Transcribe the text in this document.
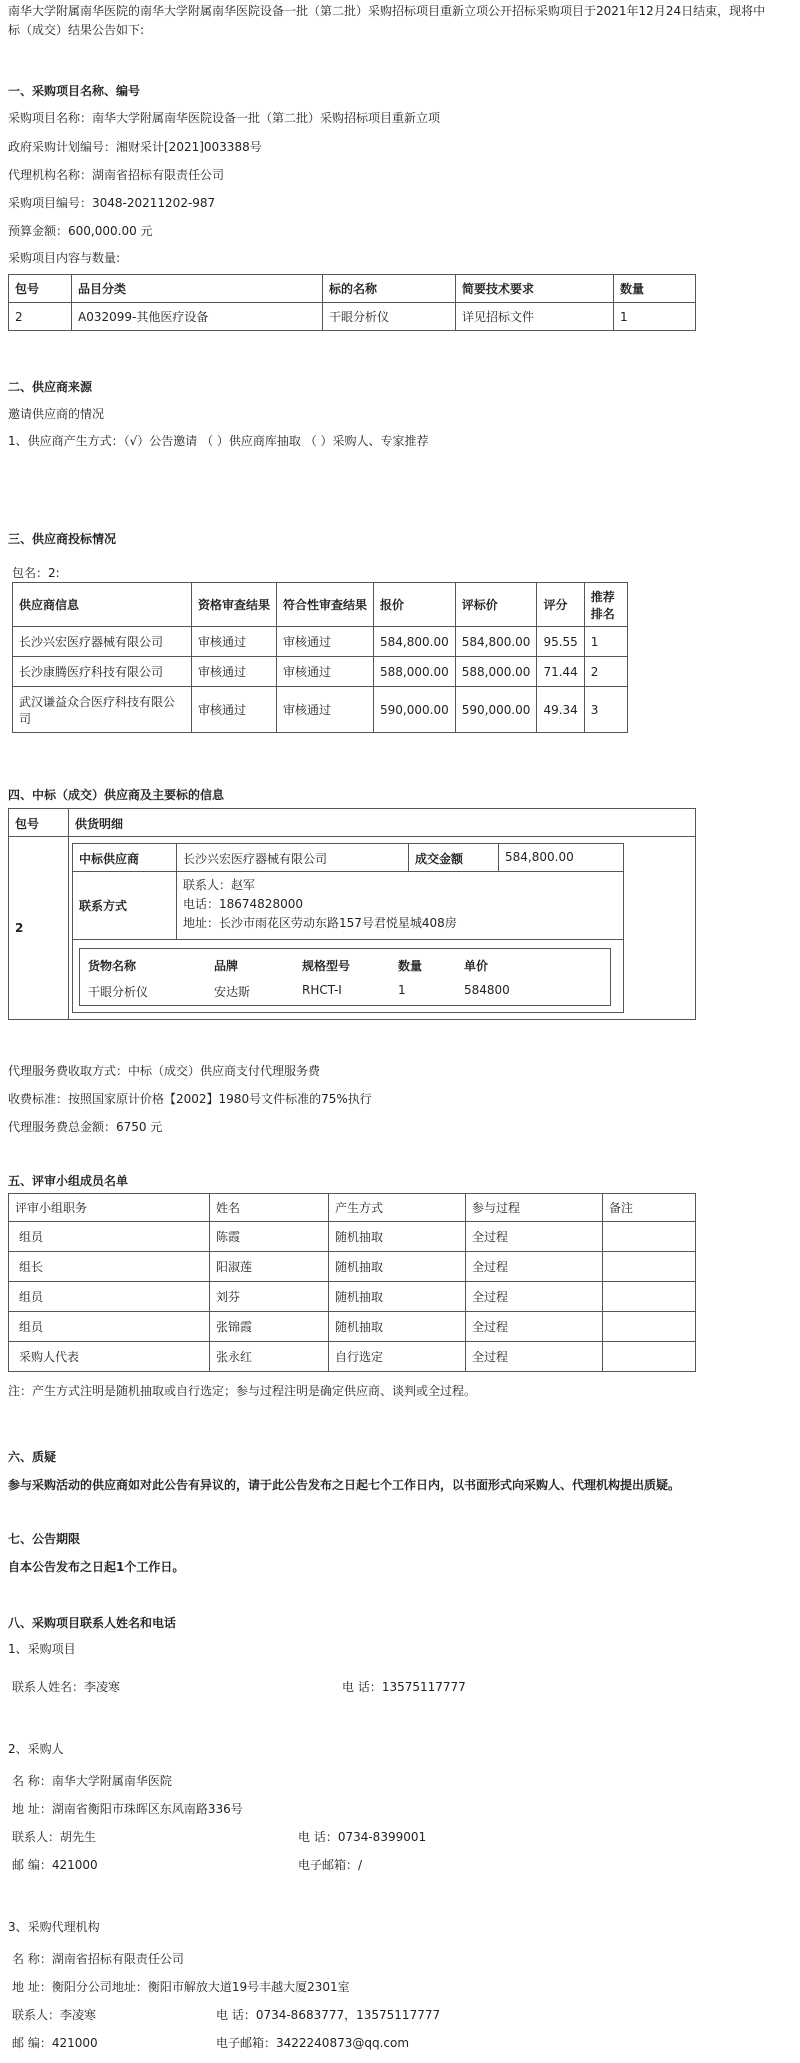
南华大学附属南华医院的南华大学附属南华医院设备一批（第二批）采购招标项目重新立项公开招标采购项目于2021年12月24日结束，现将中标（成交）结果公告如下:

一、采购项目名称、编号

采购项目名称：南华大学附属南华医院设备一批（第二批）采购招标项目重新立项

政府采购计划编号：湘财采计[2021]003388号

代理机构名称：湖南省招标有限责任公司

采购项目编号：3048-20211202-987

预算金额：600,000.00 元

采购项目内容与数量:

包号	品目分类	标的名称	简要技术要求	数量
2	A032099-其他医疗设备	干眼分析仪	详见招标文件	1

二、供应商来源

邀请供应商的情况

1、供应商产生方式：（√）公告邀请 （ ）供应商库抽取 （ ）采购人、专家推荐

三、供应商投标情况

包名：2:

供应商信息	资格审查结果	符合性审查结果	报价	评标价	评分	推荐排名
长沙兴宏医疗器械有限公司	审核通过	审核通过	584,800.00	584,800.00	95.55	1
长沙康腾医疗科技有限公司	审核通过	审核通过	588,000.00	588,000.00	71.44	2
武汉谦益众合医疗科技有限公司	审核通过	审核通过	590,000.00	590,000.00	49.34	3

四、中标（成交）供应商及主要标的信息

包号	供货明细
2
中标供应商	长沙兴宏医疗器械有限公司	成交金额	584,800.00
联系方式
联系人：赵军
电话：18674828000
地址：长沙市雨花区劳动东路157号君悦星城408房
货物名称	品牌	规格型号	数量	单价
干眼分析仪	安达斯	RHCT-I	1	584800

代理服务费收取方式：中标（成交）供应商支付代理服务费

收费标准：按照国家原计价格【2002】1980号文件标准的75%执行

代理服务费总金额：6750 元

五、评审小组成员名单

评审小组职务	姓名	产生方式	参与过程	备注
组员	陈霞	随机抽取	全过程	
组长	阳淑莲	随机抽取	全过程	
组员	刘芬	随机抽取	全过程	
组员	张锦霞	随机抽取	全过程	
采购人代表	张永红	自行选定	全过程	

注：产生方式注明是随机抽取或自行选定；参与过程注明是确定供应商、谈判或全过程。

六、质疑

参与采购活动的供应商如对此公告有异议的，请于此公告发布之日起七个工作日内，以书面形式向采购人、代理机构提出质疑。

七、公告期限

自本公告发布之日起1个工作日。

八、采购项目联系人姓名和电话

1、采购项目

联系人姓名：李凌寒	电 话：13575117777

2、采购人

名 称：南华大学附属南华医院

地 址：湖南省衡阳市珠晖区东风南路336号

联系人：胡先生	电 话：0734-8399001

邮 编：421000	电子邮箱：/

3、采购代理机构

名 称：湖南省招标有限责任公司

地 址：衡阳分公司地址：衡阳市解放大道19号丰越大厦2301室

联系人：李凌寒	电 话：0734-8683777，13575117777

邮 编：421000	电子邮箱：3422240873@qq.com
